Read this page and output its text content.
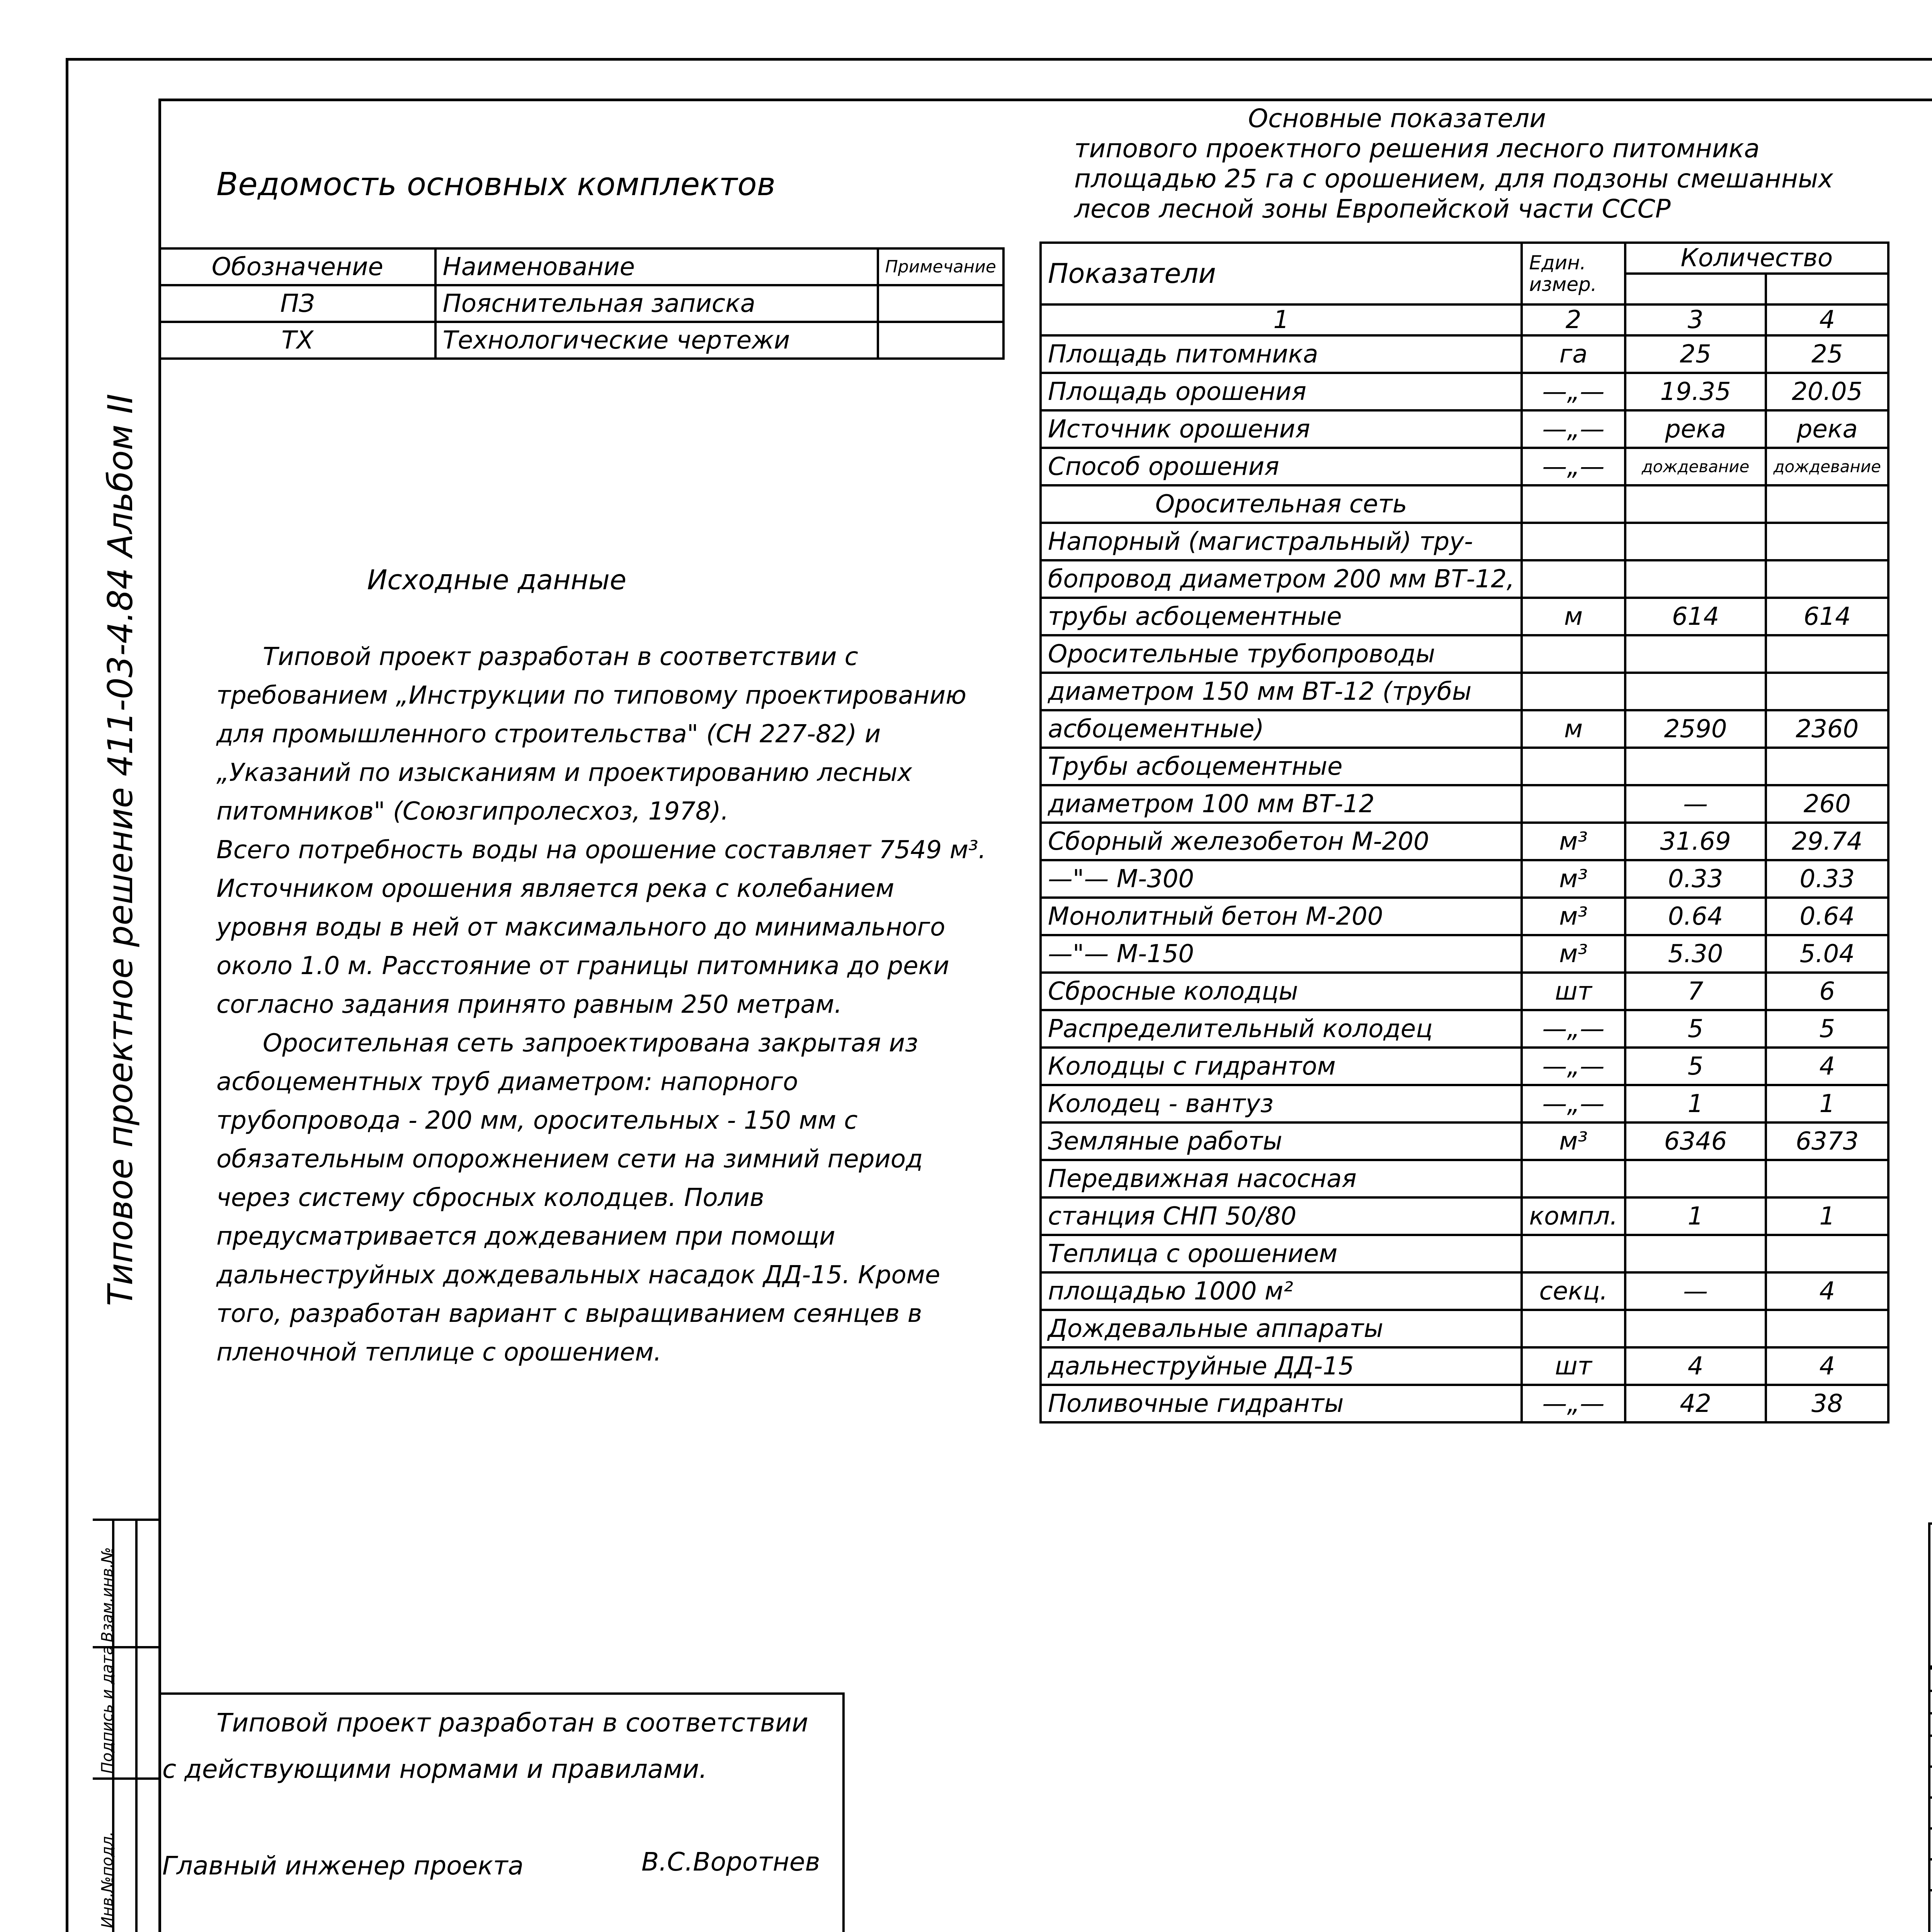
Типовое проектное решение 411-03-4.84 Альбом II
Инв.№подл.
Подпись и дата
Взам.инв.№
Ведомость основных комплектов
Обозначение	Наименование	Примечание
ПЗ	Пояснительная записка	
ТХ	Технологические чертежи	
Исходные данные

Типовой проект разработан в соответствии с требованием „Инструкции по типовому проектированию для промышленного строительства" (СН 227-82) и „Указаний по изысканиям и проектированию лесных питомников" (Союзгипролесхоз, 1978).

Всего потребность воды на орошение составляет 7549 м³. Источником орошения является река с колебанием уровня воды в ней от максимального до минимального около 1.0 м. Расстояние от границы питомника до реки согласно задания принято равным 250 метрам.

Оросительная сеть запроектирована закрытая из асбоцементных труб диаметром: напорного трубопровода - 200 мм, оросительных - 150 мм с обязательным опорожнением сети на зимний период через систему сбросных колодцев. Полив предусматривается дождеванием при помощи дальнеструйных дождевальных насадок ДД-15. Кроме того, разработан вариант с выращиванием сеянцев в пленочной теплице с орошением.

Типовой проект разработан в соответствии
с действующими нормами и правилами.
Главный инженер проекта	В.С.Воротнев
Основные показатели
типового проектного решения лесного питомника
площадью 25 га с орошением, для подзоны смешанных
лесов лесной зоны Европейской части СССР
Показатели	Един. измер.	Количество	

1	2	3	4
Площадь питомника	га	25	25
Площадь орошения	—„—	19.35	20.05
Источник орошения	—„—	река	река
Способ орошения	—„—	дождевание	дождевание
Оросительная сеть			
Напорный (магистральный) тру-			
бопровод диаметром 200 мм ВТ-12,			
трубы асбоцементные	м	614	614
Оросительные трубопроводы			
диаметром 150 мм ВТ-12 (трубы			
асбоцементные)	м	2590	2360
Трубы асбоцементные			
диаметром 100 мм ВТ-12		—	260
Сборный железобетон М-200	м³	31.69	29.74
—"— М-300	м³	0.33	0.33
Монолитный бетон М-200	м³	0.64	0.64
—"— М-150	м³	5.30	5.04
Сбросные колодцы	шт	7	6
Распределительный колодец	—„—	5	5
Колодцы с гидрантом	—„—	5	4
Колодец - вантуз	—„—	1	1
Земляные работы	м³	6346	6373
Передвижная насосная			
станция СНП 50/80	компл.	1	1
Теплица с орошением			
площадью 1000 м²	секц.	—	4
Дождевальные аппараты			
дальнеструйные ДД-15	шт	4	4
Поливочные гидранты	—„—	42	38
